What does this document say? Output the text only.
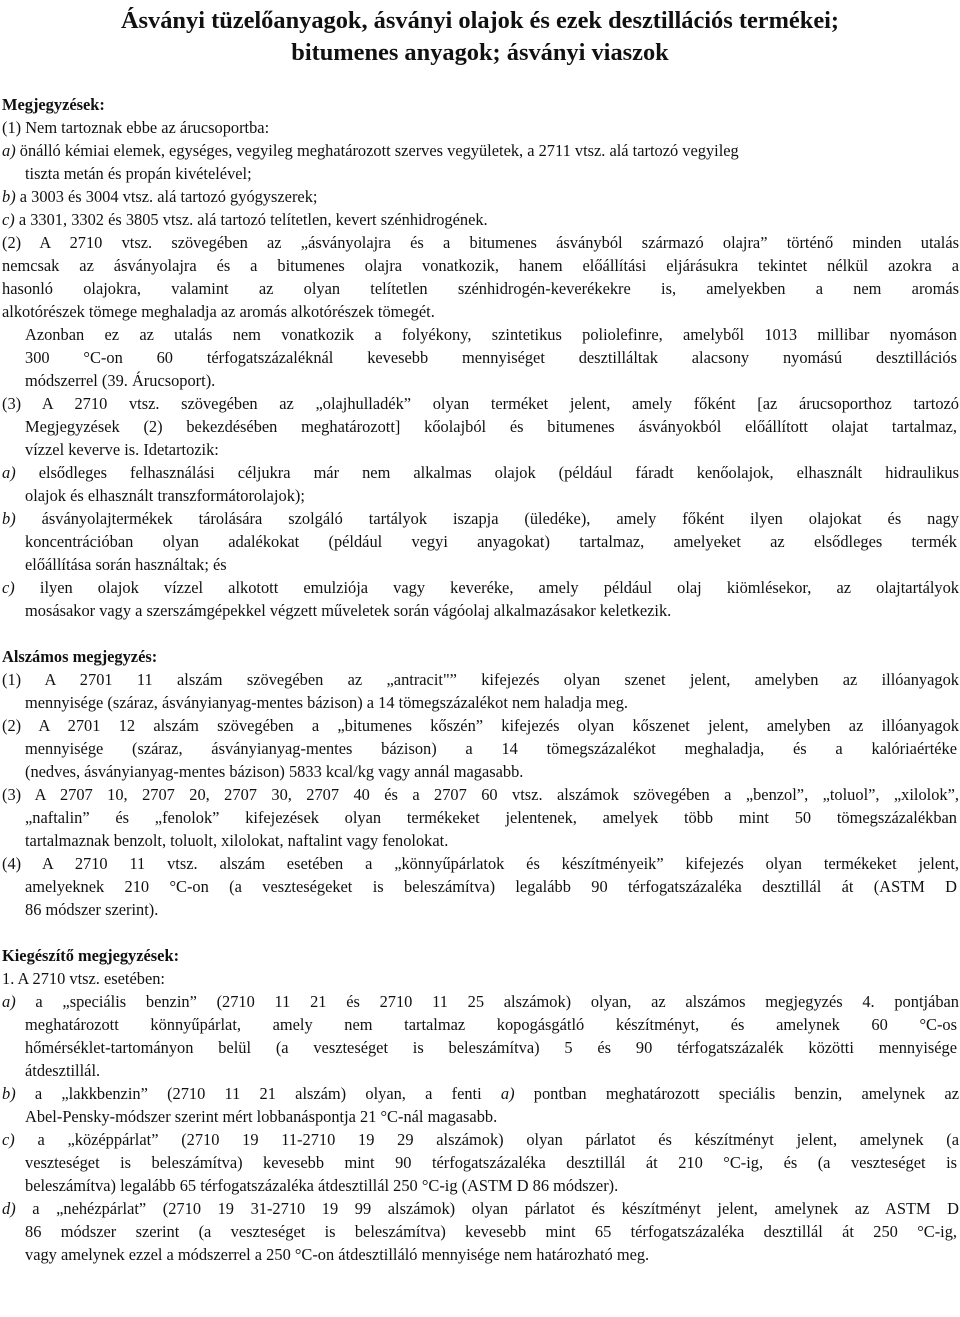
Ásványi tüzelőanyagok, ásványi olajok és ezek desztillációs termékei;
bitumenes anyagok; ásványi viaszok
Megjegyzések:
(1) Nem tartoznak ebbe az árucsoportba:
a) önálló kémiai elemek, egységes, vegyileg meghatározott szerves vegyületek, a 2711 vtsz. alá tartozó vegyileg
tiszta metán és propán kivételével;
b) a 3003 és 3004 vtsz. alá tartozó gyógyszerek;
c) a 3301, 3302 és 3805 vtsz. alá tartozó telítetlen, kevert szénhidrogének.
(2) A 2710 vtsz. szövegében az „ásványolajra és a bitumenes ásványból származó olajra” történő minden utalás
nemcsak az ásványolajra és a bitumenes olajra vonatkozik, hanem előállítási eljárásukra tekintet nélkül azokra a
hasonló olajokra, valamint az olyan telítetlen szénhidrogén-keverékekre is, amelyekben a nem aromás
alkotórészek tömege meghaladja az aromás alkotórészek tömegét.
Azonban ez az utalás nem vonatkozik a folyékony, szintetikus poliolefinre, amelyből 1013 millibar nyomáson
300 °C-on 60 térfogatszázaléknál kevesebb mennyiséget desztilláltak alacsony nyomású desztillációs
módszerrel (39. Árucsoport).
(3) A 2710 vtsz. szövegében az „olajhulladék” olyan terméket jelent, amely főként [az árucsoporthoz tartozó
Megjegyzések (2) bekezdésében meghatározott] kőolajból és bitumenes ásványokból előállított olajat tartalmaz,
vízzel keverve is. Idetartozik:
a) elsődleges felhasználási céljukra már nem alkalmas olajok (például fáradt kenőolajok, elhasznált hidraulikus
olajok és elhasznált transzformátorolajok);
b) ásványolajtermékek tárolására szolgáló tartályok iszapja (üledéke), amely főként ilyen olajokat és nagy
koncentrációban olyan adalékokat (például vegyi anyagokat) tartalmaz, amelyeket az elsődleges termék
előállítása során használtak; és
c) ilyen olajok vízzel alkotott emulziója vagy keveréke, amely például olaj kiömlésekor, az olajtartályok
mosásakor vagy a szerszámgépekkel végzett műveletek során vágóolaj alkalmazásakor keletkezik.
Alszámos megjegyzés:
(1) A 2701 11 alszám szövegében az „antracit"” kifejezés olyan szenet jelent, amelyben az illóanyagok
mennyisége (száraz, ásványianyag-mentes bázison) a 14 tömegszázalékot nem haladja meg.
(2) A 2701 12 alszám szövegében a „bitumenes kőszén” kifejezés olyan kőszenet jelent, amelyben az illóanyagok
mennyisége (száraz, ásványianyag-mentes bázison) a 14 tömegszázalékot meghaladja, és a kalóriaértéke
(nedves, ásványianyag-mentes bázison) 5833 kcal/kg vagy annál magasabb.
(3) A 2707 10, 2707 20, 2707 30, 2707 40 és a 2707 60 vtsz. alszámok szövegében a „benzol”, „toluol”, „xilolok”,
„naftalin” és „fenolok” kifejezések olyan termékeket jelentenek, amelyek több mint 50 tömegszázalékban
tartalmaznak benzolt, toluolt, xilolokat, naftalint vagy fenolokat.
(4) A 2710 11 vtsz. alszám esetében a „könnyűpárlatok és készítményeik” kifejezés olyan termékeket jelent,
amelyeknek 210 °C-on (a veszteségeket is beleszámítva) legalább 90 térfogatszázaléka desztillál át (ASTM D
86 módszer szerint).
Kiegészítő megjegyzések:
1. A 2710 vtsz. esetében:
a) a „speciális benzin” (2710 11 21 és 2710 11 25 alszámok) olyan, az alszámos megjegyzés 4. pontjában
meghatározott könnyűpárlat, amely nem tartalmaz kopogásgátló készítményt, és amelynek 60 °C-os
hőmérséklet-tartományon belül (a veszteséget is beleszámítva) 5 és 90 térfogatszázalék közötti mennyisége
átdesztillál.
b) a „lakkbenzin” (2710 11 21 alszám) olyan, a fenti a) pontban meghatározott speciális benzin, amelynek az
Abel-Pensky-módszer szerint mért lobbanáspontja 21 °C-nál magasabb.
c) a „középpárlat” (2710 19 11-2710 19 29 alszámok) olyan párlatot és készítményt jelent, amelynek (a
veszteséget is beleszámítva) kevesebb mint 90 térfogatszázaléka desztillál át 210 °C-ig, és (a veszteséget is
beleszámítva) legalább 65 térfogatszázaléka átdesztillál 250 °C-ig (ASTM D 86 módszer).
d) a „nehézpárlat” (2710 19 31-2710 19 99 alszámok) olyan párlatot és készítményt jelent, amelynek az ASTM D
86 módszer szerint (a veszteséget is beleszámítva) kevesebb mint 65 térfogatszázaléka desztillál át 250 °C-ig,
vagy amelynek ezzel a módszerrel a 250 °C-on átdesztilláló mennyisége nem határozható meg.
